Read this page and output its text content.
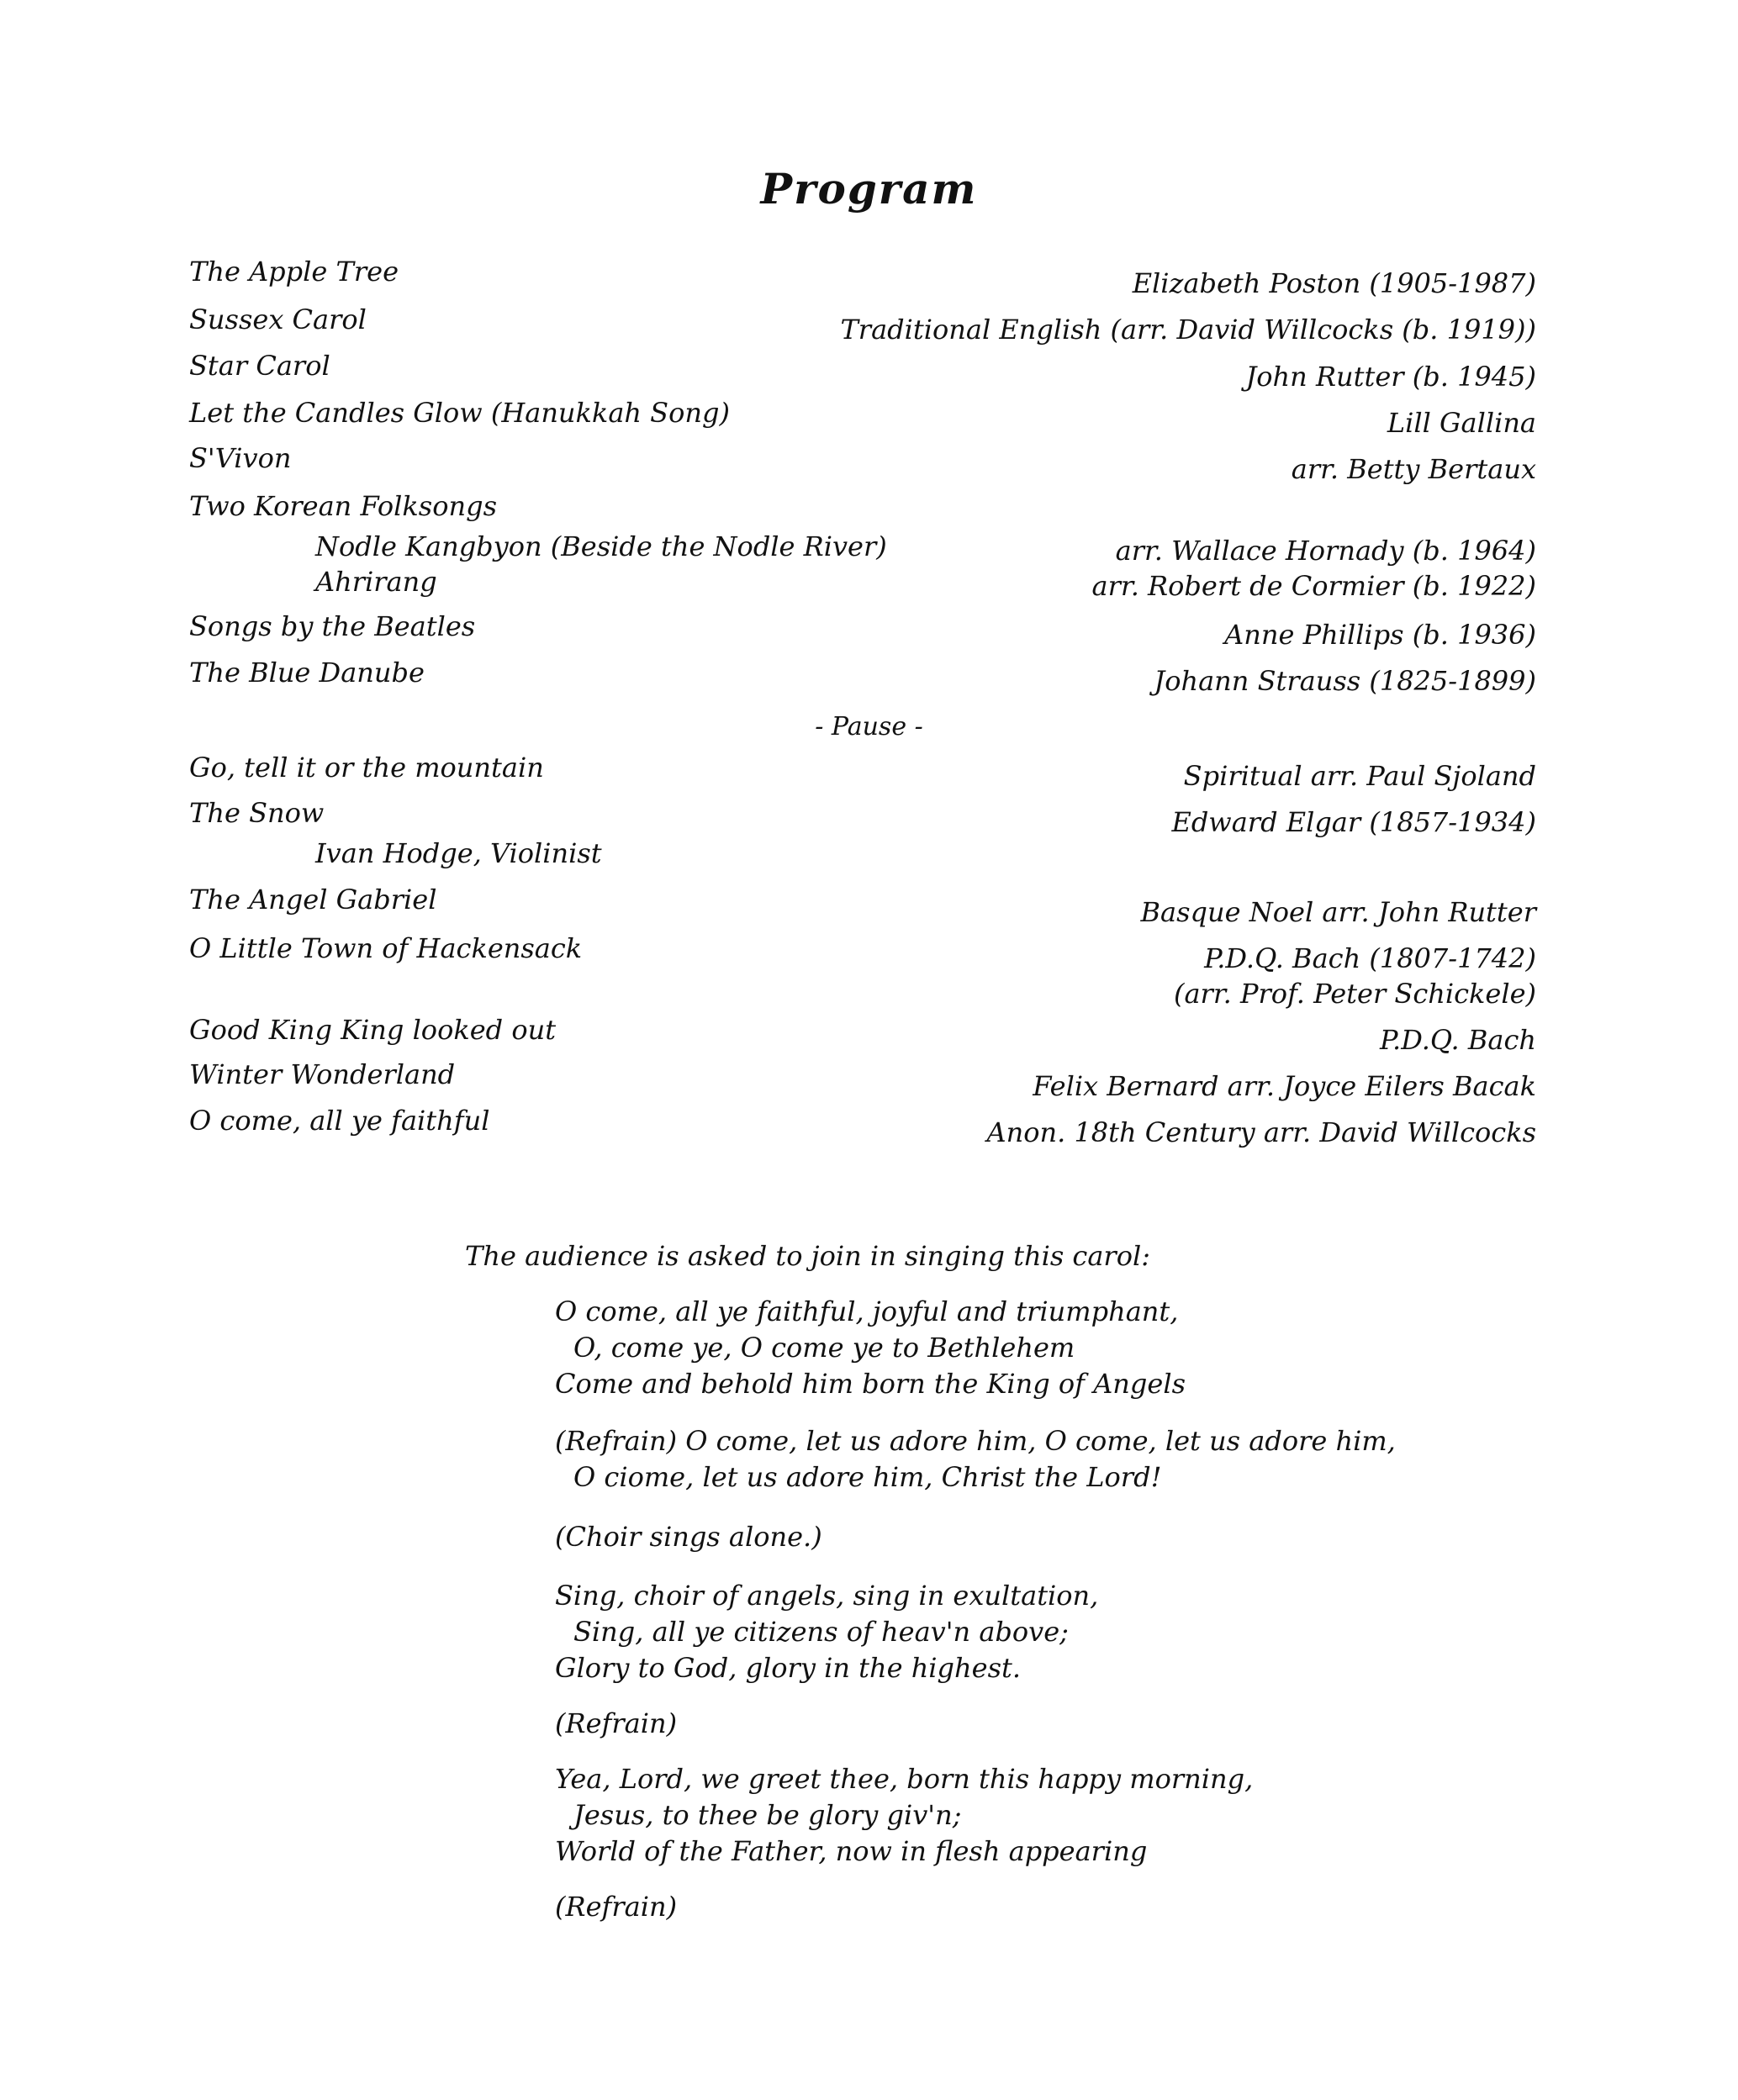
Program
The Apple Tree	Elizabeth Poston (1905-1987)
Sussex Carol	Traditional English (arr. David Willcocks (b. 1919))
Star Carol	John Rutter (b. 1945)
Let the Candles Glow (Hanukkah Song)	Lill Gallina
S'Vivon	arr. Betty Bertaux
Two Korean Folksongs
Nodle Kangbyon (Beside the Nodle River)	arr. Wallace Hornady (b. 1964)
Ahrirang	arr. Robert de Cormier (b. 1922)
Songs by the Beatles	Anne Phillips (b. 1936)
The Blue Danube	Johann Strauss (1825-1899)
- Pause -
Go, tell it or the mountain	Spiritual arr. Paul Sjoland
The Snow	Edward Elgar (1857-1934)
Ivan Hodge, Violinist
The Angel Gabriel	Basque Noel arr. John Rutter
O Little Town of Hackensack	P.D.Q. Bach (1807-1742)
(arr. Prof. Peter Schickele)
Good King King looked out	P.D.Q. Bach
Winter Wonderland	Felix Bernard arr. Joyce Eilers Bacak
O come, all ye faithful	Anon. 18th Century arr. David Willcocks
The audience is asked to join in singing this carol:
O come, all ye faithful, joyful and triumphant,
O, come ye, O come ye to Bethlehem
Come and behold him born the King of Angels
(Refrain) O come, let us adore him, O come, let us adore him,
O ciome, let us adore him, Christ the Lord!
(Choir sings alone.)
Sing, choir of angels, sing in exultation,
Sing, all ye citizens of heav'n above;
Glory to God, glory in the highest.
(Refrain)
Yea, Lord, we greet thee, born this happy morning,
Jesus, to thee be glory giv'n;
World of the Father, now in flesh appearing
(Refrain)
